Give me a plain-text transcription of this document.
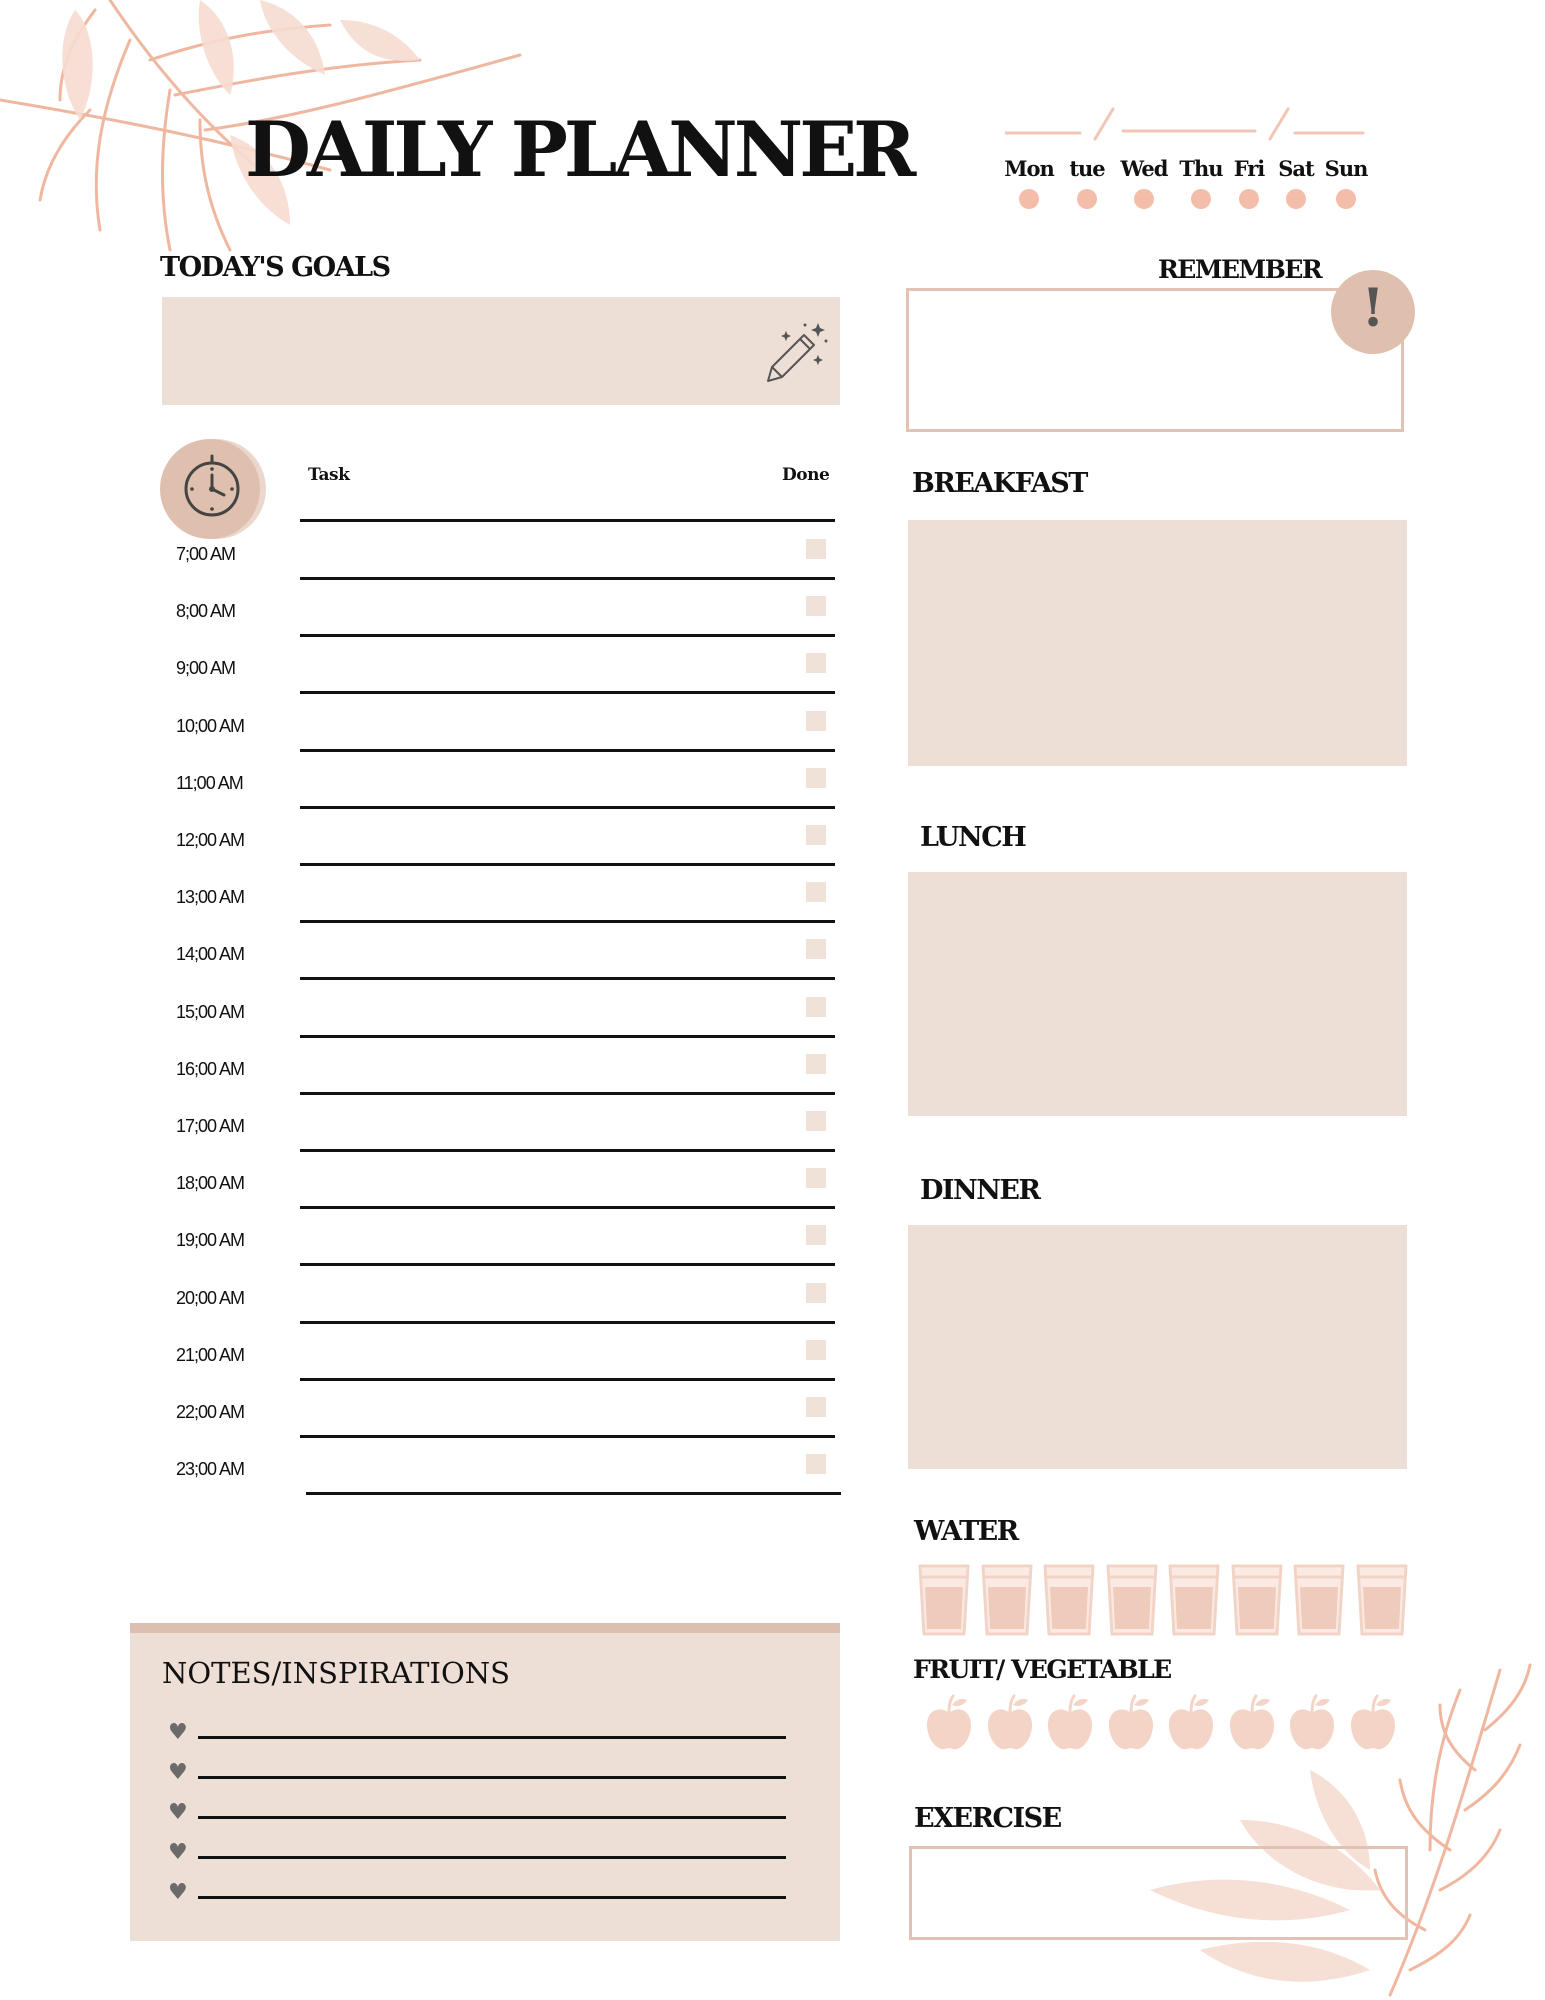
DAILY PLANNER	Mon tue Wed Thu Fri Sat Sun
TODAY'S GOALS	REMEMBER
!
Task	Done
7;00 AM
8;00 AM
9;00 AM
10;00 AM
11;00 AM
12;00 AM
13;00 AM
14;00 AM
15;00 AM
16;00 AM
17;00 AM
18;00 AM
19;00 AM
20;00 AM
21;00 AM
22;00 AM
23;00 AM
NOTES/INSPIRATIONS
♥
♥
♥
♥
♥
BREAKFAST
LUNCH
DINNER
WATER
FRUIT/ VEGETABLE
EXERCISE
